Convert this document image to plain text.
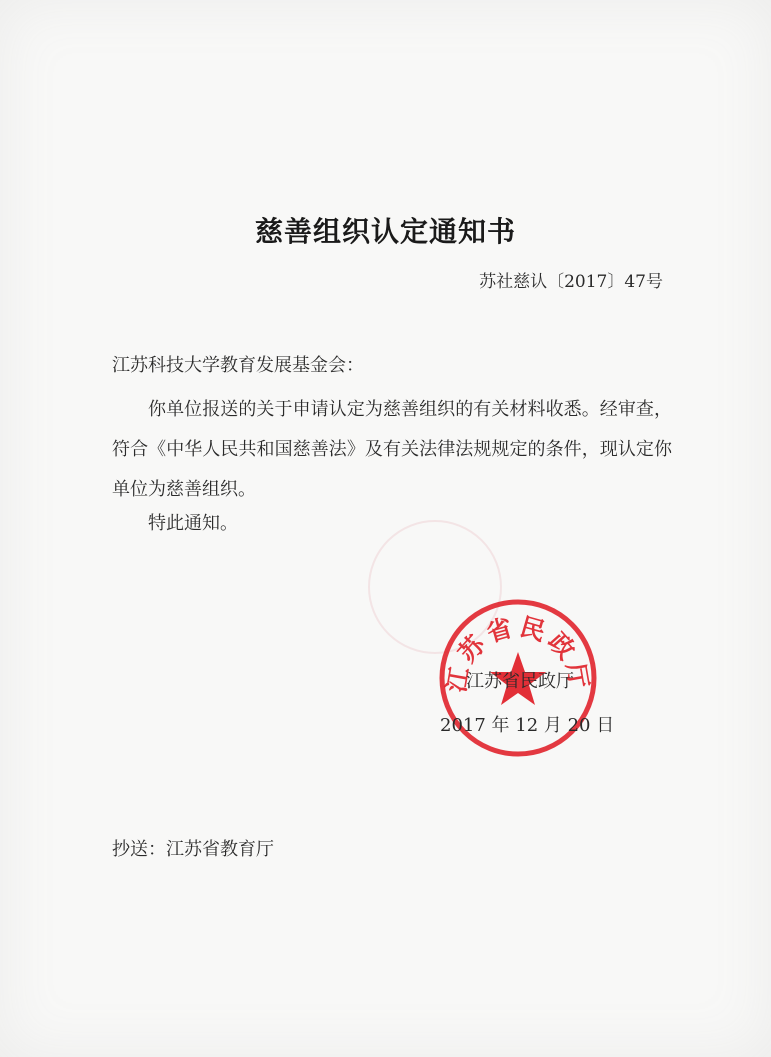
慈善组织认定通知书
苏社慈认〔2017〕47号
江苏科技大学教育发展基金会：

你单位报送的关于申请认定为慈善组织的有关材料收悉。经审查，符合《中华人民共和国慈善法》及有关法律法规规定的条件，现认定你单位为慈善组织。

特此通知。
江苏省民政厅
江苏省民政厅
2017 年 12 月 20 日
抄送：江苏省教育厅
